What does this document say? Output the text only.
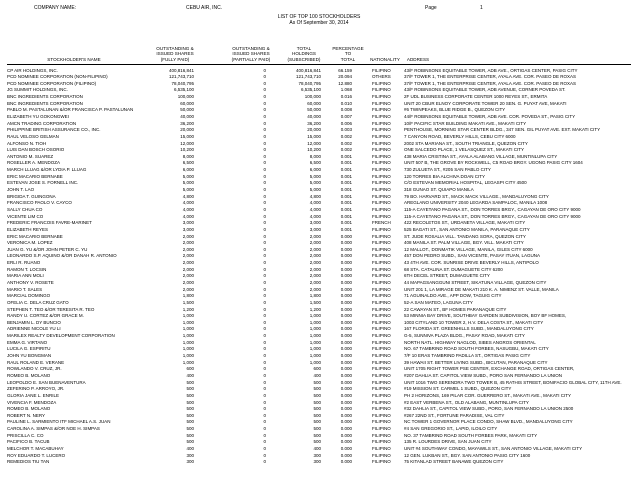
COMPANY NAME:	CEBU AIR, INC.	Page	1
LIST OF TOP 100 STOCKHOLDERS
As Of September 30, 2014
OUTSTANDING &
ISSUED SHARES
(FULLY PAID)
OUTSTANDING &
ISSUED SHARES
(PARTIALLY PAID)
TOTAL
HOLDINGS
(SUBSCRIBED)
PERCENTAGE
TO
TOTAL
STOCKHOLDER'S NAME	NATIONALITY	ADDRESS
CP AIR HOLDINGS, INC.	400,816,841	0	400,816,841	66.159	FILIPINO	43/F ROBINSONS EQUITABLE TOWER, ADB AVE., ORTIGAS CENTER, PASIG CITY
PCD NOMINEE CORPORATION (NON-FILIPINO)	121,743,710	0	121,743,710	20.094	OTHERS	37/F TOWER 1, THE ENTERPRISE CENTER, AYALA AVE. COR. PASEO DE ROXAS
PCD NOMINEE CORPORATION (FILIPINO)	78,040,795	0	78,040,795	12.880	FILIPINO	37/F TOWER 1, THE ENTERPRISE CENTER, AYALA AVE. COR. PASEO DE ROXAS
JG SUMMIT HOLDINGS, INC.	6,535,100	0	6,535,100	1.068	FILIPINO	43/F ROBINSONS EQUITABLE TOWER, ADB AVENUE, CORNER POVEDA ST.
BNC INGREDIENTS CORPORATION	100,000	0	100,000	0.016	FILIPINO	2F UDL BUSINESS CORPORATE CENTER 1000 REYES ST., ERMITA
BNC INGREDIENTS CORPORATION	60,000	0	60,000	0.010	FILIPINO	UNIT 20 CBUR ELNOY CORPORATE TOWER 20 SEN. G. PUYAT AVE, MAKATI
PABLO M. PASTALUNAN &/OR FRANCISCA P. PASTALUNAN	50,000	0	50,000	0.008	FILIPINO	#6 TWINPEAKS, BLUE RIDGE B., QUEZON CITY
ELIZABETH YU GOKONGWEI	40,000	0	40,000	0.007	FILIPINO	44/F ROBINSONS EQUITABLE TOWER, ADB AVE. COR. POVEDA ST., PASIG CITY
AMCN TRADING CORPORATION	36,200	0	36,200	0.006	FILIPINO	10/F PACIFIC STAR BUILDING MAKATI AVE., MAKATI CITY
PHILIPPINE BRITISH ASSURANCE CO., INC.	20,000	0	20,000	0.003	FILIPINO	PENTHOUSE, MORNING STAR CENTER BLDG., 347 SEN. GIL PUYAT AVE. EXT. MAKATI CITY
RAUL VELOSO GELMAN	15,000	0	15,000	0.002	FILIPINO	7 CANYON ROAD, BEVERLY HILLS, CEBU CITY 6000
ALFONSO N. TIOH	12,000	0	12,000	0.002	FILIPINO	2002 STA MARIANA ST., SOUTH TRIANGLE, QUEZON CITY
LUIS DAN BOSCH OSORIO	10,200	0	10,200	0.002	FILIPINO	ONE SALCEDO PLACE, 1 VELASQUEZ ST., MAKATI CITY
ANTONIO M. SUAREZ	8,000	0	8,000	0.001	FILIPINO	438 MARIA CRISTINA ST., AYALA ALABANG VILLAGE, MUNTINLUPA CITY
ROSELLER A. MENDOZA	6,500	0	6,500	0.001	FILIPINO	UNIT 507 B, THE GROVE BY ROCKWELL, C5 ROAD BRGY. UGONG PASIG CITY 1604
MARCH LLUAG &/OR LYDIA P. LLUAG	6,000	0	6,000	0.001	FILIPINO	730 ZULUETA ST., #205 SAN PABLO CITY
ERIC MACARIO BERNABE	5,000	0	5,000	0.001	FILIPINO	120 TORRES BIA ALCHIVA DOAN CITY
ESTEVAN JOSE S. FORNELL INC.	5,000	0	5,000	0.001	FILIPINO	C/O ESTEVAN MEMORIAL HOSPITAL, LEGASPI CITY 4500
JOHN T. LAO	5,000	0	5,000	0.001	FILIPINO	318 GUNAO ST. QUIAPO MANILA
BRIGIDA T. GUINGONA	4,800	0	4,800	0.001	FILIPINO	79 BO. HARVARD ST., MACK MACK VILLAGE., MANDALUYONG CITY
FRANCISCO PAOLO V. CAYCO	4,000	0	4,000	0.001	FILIPINO	AREGLANO UNIVERSITY 2040 LEGARDA SAMPALOC, MANILA 1008
SALLY CHUA CO	4,000	0	4,000	0.001	FILIPINO	115-A CAYETANO PAGANA ST., DON TORRES BRGY., CAGAYAN DE ORO CITY 9000
VICENTE LIM CO	4,000	0	4,000	0.001	FILIPINO	115-A CAYETANO PAGANA ST., DON TORRES BRGY., CAGAYAN DE ORO CITY 9000
FREDERIC FRANCOIS FAVRE-MARINET	3,000	0	3,000	0.001	FRENCH	422 RECOLETOS ST., URDANETA VILLAGE, MAKATI CITY
ELIZABETH REYES	3,000	0	3,000	0.001	FILIPINO	525 BAGATI ST., SAN ANTONIO MANILA, PARANAQUE CITY
ERIC MACARIO BERNABE	2,000	0	2,000	0.000	FILIPINO	ST. JUDE ROSALIA VILL. TANDANG SORA, QUEZON CITY
VERONICA M. LOPEZ	2,000	0	2,000	0.000	FILIPINO	408 MANILA ST. PALM VILLAGE, BGY. VILL. MAKATI CITY
JUAN G. YU &/OR JOHN PETER C. YU	2,000	0	2,000	0.000	FILIPINO	12 MALLOT., DONMATIK VILLAGE, MANILA, GILES CITY 6000
LEONARDO S.P. AQUINO &/OR DANAH R. ANTONIO	2,000	0	2,000	0.000	FILIPINO	457 DON PEDRO SUBD., SAN VICENTE, PASAY ITUAN, LAGUNA
ERLI R. RUANO	2,000	0	2,000	0.000	FILIPINO	43 4TH AVE. COR. SUNRISE DRIVE BEVERLY HILLS, ANTIPOLO
RAMON T. LOCSIN	2,000	0	2,000	0.000	FILIPINO	68 STA. CATALINA ST. DUMAGUETE CITY 6200
MARIA ANN MOLI	2,000	0	2,000	0.000	FILIPINO	6TH DECEL STREET, DUMAGUETE CITY
ANTHONY V. ROSETE	2,000	0	2,000	0.000	FILIPINO	44 MAPAGSANGGUNI STREET, SIKATUNA VILLAGE, QUEZON CITY
MARIO T. SALES	2,000	0	2,000	0.000	FILIPINO	UNIT 201 1, LA MIRAGE DE MAKATI 210 K. A. NIMENZ ST. VALLE, MANILA
MARCIAL DOMINGO	1,800	0	1,800	0.000	FILIPINO	71 AGUINALDO AVE., APP DOW, TAGUIG CITY
OFELIA C. DELA CRUZ GATO	1,500	0	1,500	0.000	FILIPINO	52-A SAN MATEO, LAGUNA CITY
STEPHEN T. TEO &/OR TERESITA R. TEO	1,200	0	1,200	0.000	FILIPINO	22 CAWAYAN ST., BF HOMES PARANAQUE CITY
RANDY U. CORTEZ &/OR GRACE M.	1,000	0	1,000	0.000	FILIPINO	53 MINNIA BAY DRIVE, SOUTHBAY GARDEN SUBDIVISION, BOY BF HOMES,
BENJAMIN L. DY BUNCIO	1,000	0	1,000	0.000	FILIPINO	1003 CITYLAND 10 TOWER 2, H.V. DELA COSTA ST., MAKATI CITY
ADRIENNE NICOLE YU LI	1,000	0	1,000	0.000	FILIPINO	167 FLORIDA ST. GREENHILLS SUBD., MANDALUYONG CITY
MARILEX REALTY DEVELOPMENT CORPORATION	1,000	0	1,000	0.000	FILIPINO	G-5, SUNNIVA PLAZA BLDG., PASAY ROAD, MAKATI CITY
EMMA G. VIRTANO	1,000	0	1,000	0.000	FILIPINO	NORTH NATL. HIGHWAY NAGLOD, SIBES ANGROS ORIENTAL
LUCILA G. ESPIRITU	1,000	0	1,000	0.000	FILIPINO	NO. 67 TAMBRIND ROAD SOUTH FORBES, NASUGBU, MAKATI CITY
JOHN YU BONGMAN	1,000	0	1,000	0.000	FILIPINO	7/F 10 ERAS TAMBRIND PADILLA ST., ORTIGAS PASIG CITY
RAUL ROLAND E. VERANE	1,000	0	1,000	0.000	FILIPINO	39 HAWAII ST. BETTER LIVING SUBD., BICUTAN, PARANAQUE CITY
ROWLANDO V. CRUZ, JR.	600	0	600	0.000	FILIPINO	UNIT 1705 RIGHT TOWER PSE CENTER, EXCHANGE ROAD, ORTIGAS CENTER,
ROMEO B. MOLANO	400	0	400	0.000	FILIPINO	#207 DAHLIA ST. CAPITOL VIEW SUBD., PORO SAN FERNANDO LA UNION
LEOPOLDO E. SAN BUENAVENTURA	500	0	500	0.000	FILIPINO	UNIT 1016 TWO SERENDRA TWO TOWER B, 45 RATHIS STREET, BONIFACIO GLOBAL CITY, 11TH AVE.
ZEFERINO P. ARROYO, JR.	500	0	500	0.000	FILIPINO	#19 MISSION ST. CARMEL 1 SUBD., QUEZON CITY
GLORIA JANE L. ENRILE	500	0	500	0.000	FILIPINO	PH 2 HORIZONS, 169 PILAR COR. GUERRERO ST., MAKATI AVE., MAKATI CITY
VIVENCIA F. MENDOZA	500	0	500	0.000	FILIPINO	#2 EAST VERBENA ST., OLD ALABANG, MUNTINLUPA CITY
ROMEO B. MOLANO	500	0	500	0.000	FILIPINO	#32 DAHLIA ST., CAPITOL VIEW SUBD., PORO, SAN FERNANDO LA UNION 2500
ROBERT N. NERY	500	0	500	0.000	FILIPINO	#267 22ND ST., FORTUNE PARADISE, VAL CITY
PAULINE L. SARMIENTO ITF MICHAEL A.S. JUAN	500	0	500	0.000	FILIPINO	NC TOWER 1 GOVERNOR PLACE CONDO, SHAW BLVD., MANDALUYONG CITY
CAROLINA A. SIMPAS &/OR NOE H. SIMPAS	500	0	500	0.000	FILIPINO	#4 SAN GREGORIO ST., LAPID, ILOILO CITY
PRISCILLA C. CO	500	0	500	0.000	FILIPINO	NO. 37 TAMBRIND ROAD SOUTH FORBES PARK, MAKATI CITY
PACIFICO B. TACUB	500	0	500	0.000	FILIPINO	135 R. LOURDES DRIVE, SAN JUAN CITY
MELCHOR T. MACABUHAY	400	0	400	0.000	FILIPINO	UNIT #4 SOUTHWAY CONDO, MAYAWILS ST., SAN ANTONIO VILLAGE, MAKATI CITY
ROY EDUARDO T. LUCERO	300	0	300	0.000	FILIPINO	12 GEN. LUKBAN ST., BGY. SAN ANTONIO PASIG CITY 1600
REMEDIOS TIU TAN	300	0	300	0.000	FILIPINO	75 KITANLAD STREET BANAWE QUEZON CITY
